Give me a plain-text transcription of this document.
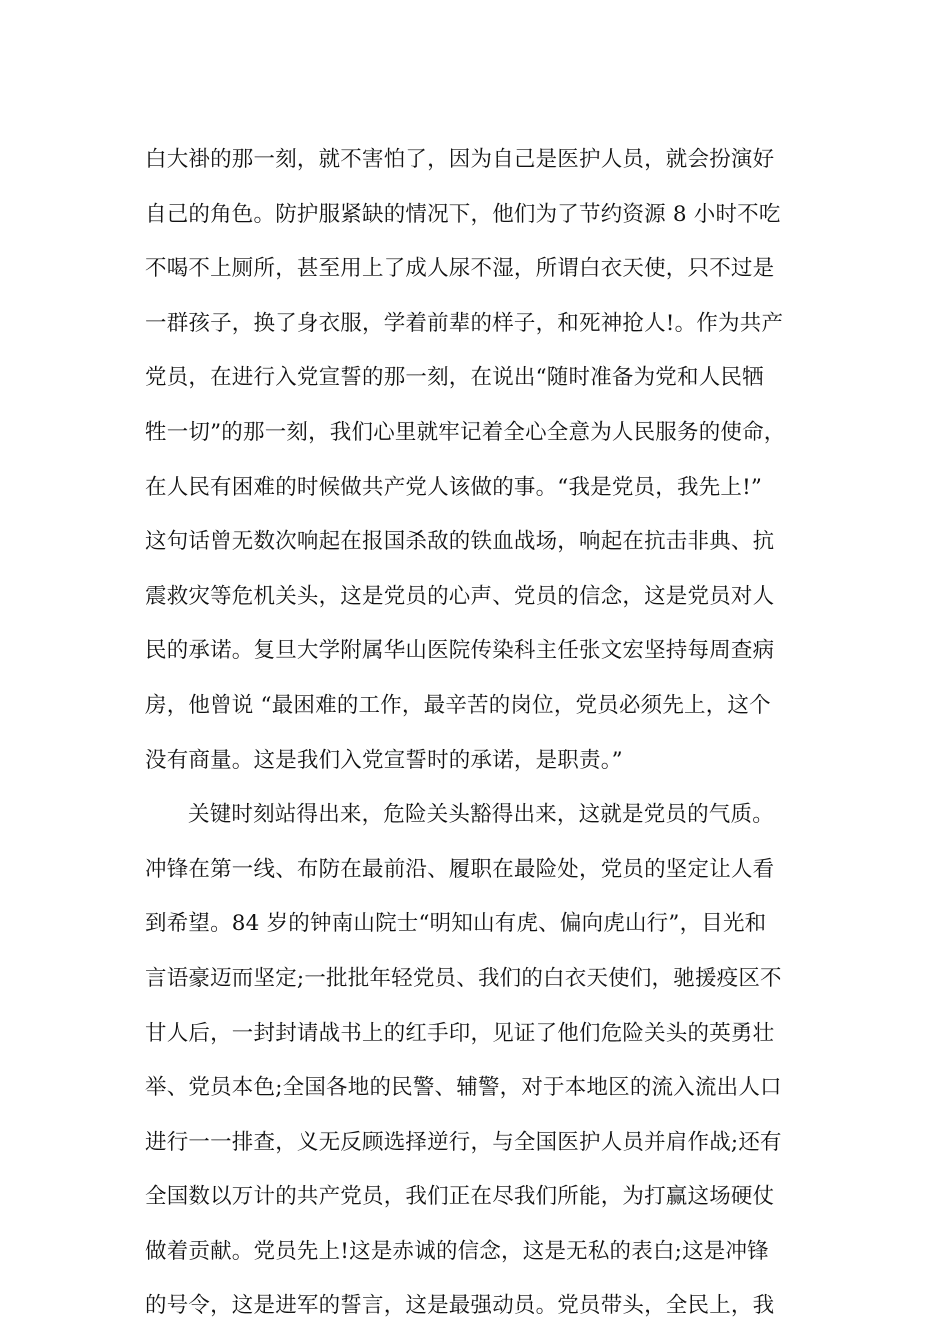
白大褂的那一刻，就不害怕了，因为自己是医护人员，就会扮演好
自己的角色。防护服紧缺的情况下，他们为了节约资源 8 小时不吃
不喝不上厕所，甚至用上了成人尿不湿，所谓白衣天使，只不过是
一群孩子，换了身衣服，学着前辈的样子，和死神抢人!。作为共产
党员，在进行入党宣誓的那一刻，在说出“随时准备为党和人民牺
牲一切”的那一刻，我们心里就牢记着全心全意为人民服务的使命，
在人民有困难的时候做共产党人该做的事。“我是党员，我先上!”
这句话曾无数次响起在报国杀敌的铁血战场，响起在抗击非典、抗
震救灾等危机关头，这是党员的心声、党员的信念，这是党员对人
民的承诺。复旦大学附属华山医院传染科主任张文宏坚持每周查病
房，他曾说 “最困难的工作，最辛苦的岗位，党员必须先上，这个
没有商量。这是我们入党宣誓时的承诺，是职责。”
关键时刻站得出来，危险关头豁得出来，这就是党员的气质。
冲锋在第一线、布防在最前沿、履职在最险处，党员的坚定让人看
到希望。84 岁的钟南山院士“明知山有虎、偏向虎山行”，目光和
言语豪迈而坚定;一批批年轻党员、我们的白衣天使们，驰援疫区不
甘人后，一封封请战书上的红手印，见证了他们危险关头的英勇壮
举、党员本色;全国各地的民警、辅警，对于本地区的流入流出人口
进行一一排查，义无反顾选择逆行，与全国医护人员并肩作战;还有
全国数以万计的共产党员，我们正在尽我们所能，为打赢这场硬仗
做着贡献。党员先上!这是赤诚的信念，这是无私的表白;这是冲锋
的号令，这是进军的誓言，这是最强动员。党员带头，全民上，我
